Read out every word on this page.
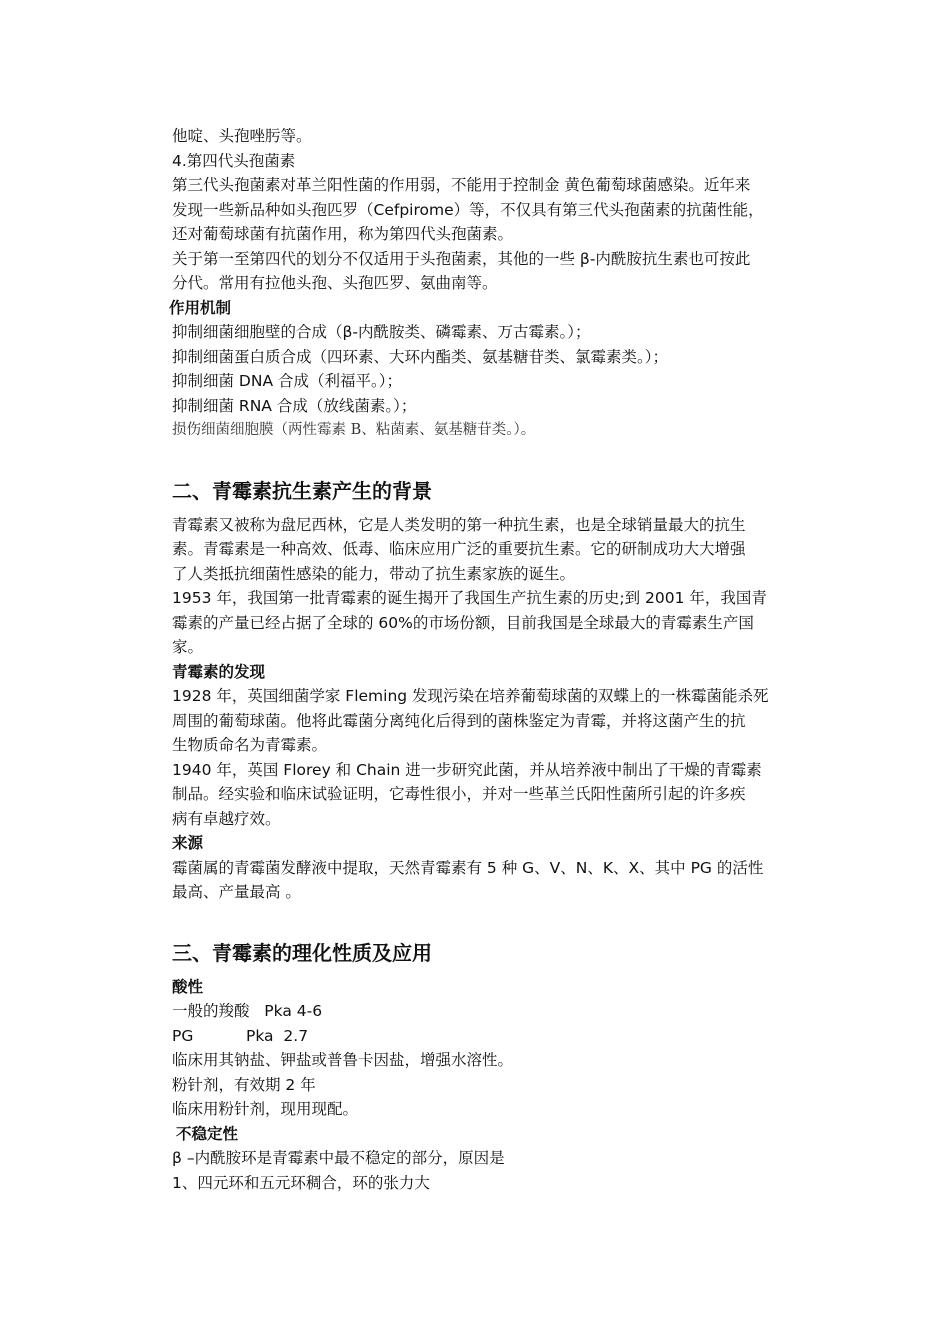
他啶、头孢唑肟等。

4.第四代头孢菌素

第三代头孢菌素对革兰阳性菌的作用弱，不能用于控制金 黄色葡萄球菌感染。近年来

发现一些新品种如头孢匹罗（Cefpirome）等，不仅具有第三代头孢菌素的抗菌性能，

还对葡萄球菌有抗菌作用，称为第四代头孢菌素。

关于第一至第四代的划分不仅适用于头孢菌素，其他的一些 β-内酰胺抗生素也可按此

分代。常用有拉他头孢、头孢匹罗、氨曲南等。

作用机制

抑制细菌细胞壁的合成（β-内酰胺类、磷霉素、万古霉素。）；

抑制细菌蛋白质合成（四环素、大环内酯类、氨基糖苷类、氯霉素类。）；

抑制细菌 DNA 合成（利福平。）；

抑制细菌 RNA 合成（放线菌素。）；

损伤细菌细胞膜（两性霉素 B、粘菌素、氨基糖苷类。）。

二、青霉素抗生素产生的背景

青霉素又被称为盘尼西林，它是人类发明的第一种抗生素，也是全球销量最大的抗生

素。青霉素是一种高效、低毒、临床应用广泛的重要抗生素。它的研制成功大大增强

了人类抵抗细菌性感染的能力，带动了抗生素家族的诞生。

1953 年，我国第一批青霉素的诞生揭开了我国生产抗生素的历史;到 2001 年，我国青

霉素的产量已经占据了全球的 60%的市场份额，目前我国是全球最大的青霉素生产国

家。

青霉素的发现

1928 年，英国细菌学家 Fleming 发现污染在培养葡萄球菌的双蝶上的一株霉菌能杀死

周围的葡萄球菌。他将此霉菌分离纯化后得到的菌株鉴定为青霉，并将这菌产生的抗

生物质命名为青霉素。

1940 年，英国 Florey 和 Chain 进一步研究此菌，并从培养液中制出了干燥的青霉素

制品。经实验和临床试验证明，它毒性很小，并对一些革兰氏阳性菌所引起的许多疾

病有卓越疗效。

来源

霉菌属的青霉菌发酵液中提取，天然青霉素有 5 种 G、V、N、K、X、其中 PG 的活性

最高、产量最高 。

三、青霉素的理化性质及应用

酸性

一般的羧酸   Pka 4-6

PG	Pka  2.7

临床用其钠盐、钾盐或普鲁卡因盐，增强水溶性。

粉针剂，有效期 2 年

临床用粉针剂，现用现配。

不稳定性

β –内酰胺环是青霉素中最不稳定的部分，原因是

1、四元环和五元环稠合，环的张力大
